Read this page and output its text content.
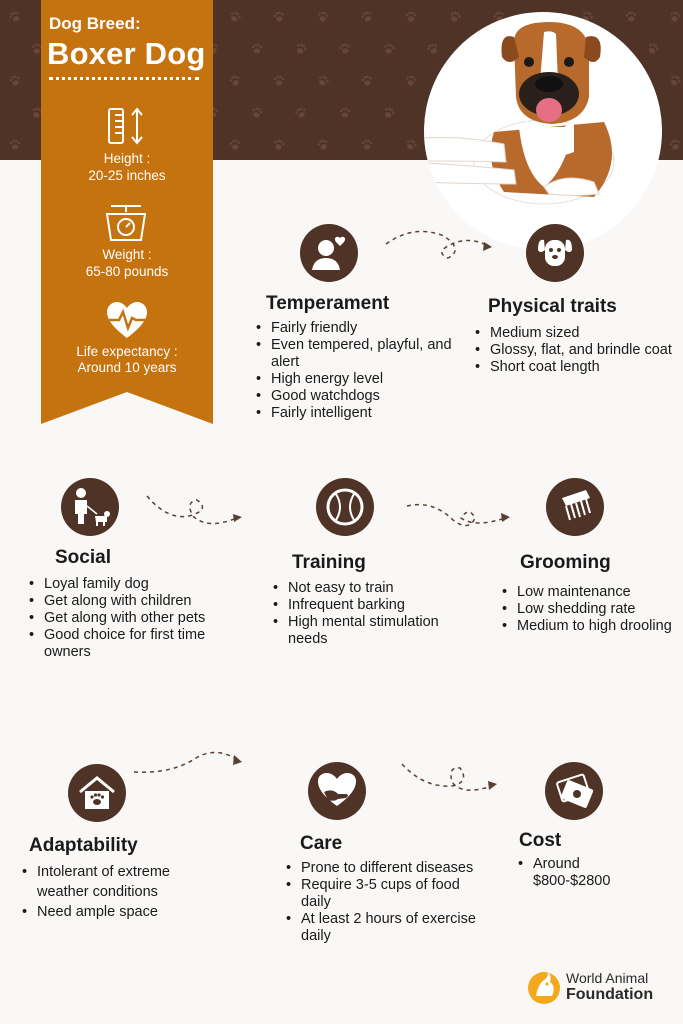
Dog Breed:
Boxer Dog
Height :
20-25 inches
Weight :
65-80 pounds
Life expectancy :
Around 10 years
Temperament
• Fairly friendly
• Even tempered, playful, and alert
• High energy level
• Good watchdogs
• Fairly intelligent
Physical traits
• Medium sized
• Glossy, flat, and brindle coat
• Short coat length
Social
• Loyal family dog
• Get along with children
• Get along with other pets
• Good choice for first time owners
Training
• Not easy to train
• Infrequent barking
• High mental stimulation needs
Grooming
• Low maintenance
• Low shedding rate
• Medium to high drooling
Adaptability
• Intolerant of extreme weather conditions
• Need ample space
Care
• Prone to different diseases
• Require 3-5 cups of food daily
• At least 2 hours of exercise daily
Cost
• Around $800-$2800
World Animal
Foundation
